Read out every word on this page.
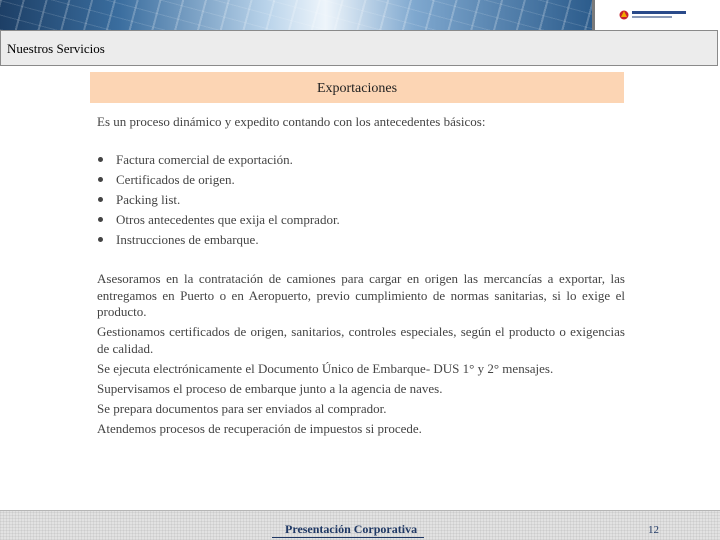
Nuestros Servicios
Exportaciones
Es un proceso dinámico y expedito contando con los antecedentes básicos:
Factura comercial de exportación.
Certificados de origen.
Packing list.
Otros antecedentes que exija el comprador.
Instrucciones de embarque.

Asesoramos en la contratación de camiones para cargar en origen las mercancías a exportar, las entregamos en Puerto o en Aeropuerto, previo cumplimiento de normas sanitarias, si lo exige el producto.

Gestionamos certificados de origen, sanitarios, controles especiales, según el producto o exigencias de calidad.

Se ejecuta electrónicamente el Documento Único de Embarque- DUS 1° y 2° mensajes.

Supervisamos el proceso de embarque junto a la agencia de naves.

Se prepara documentos para ser enviados al comprador.

Atendemos procesos de recuperación de impuestos si procede.

Presentación Corporativa	12
